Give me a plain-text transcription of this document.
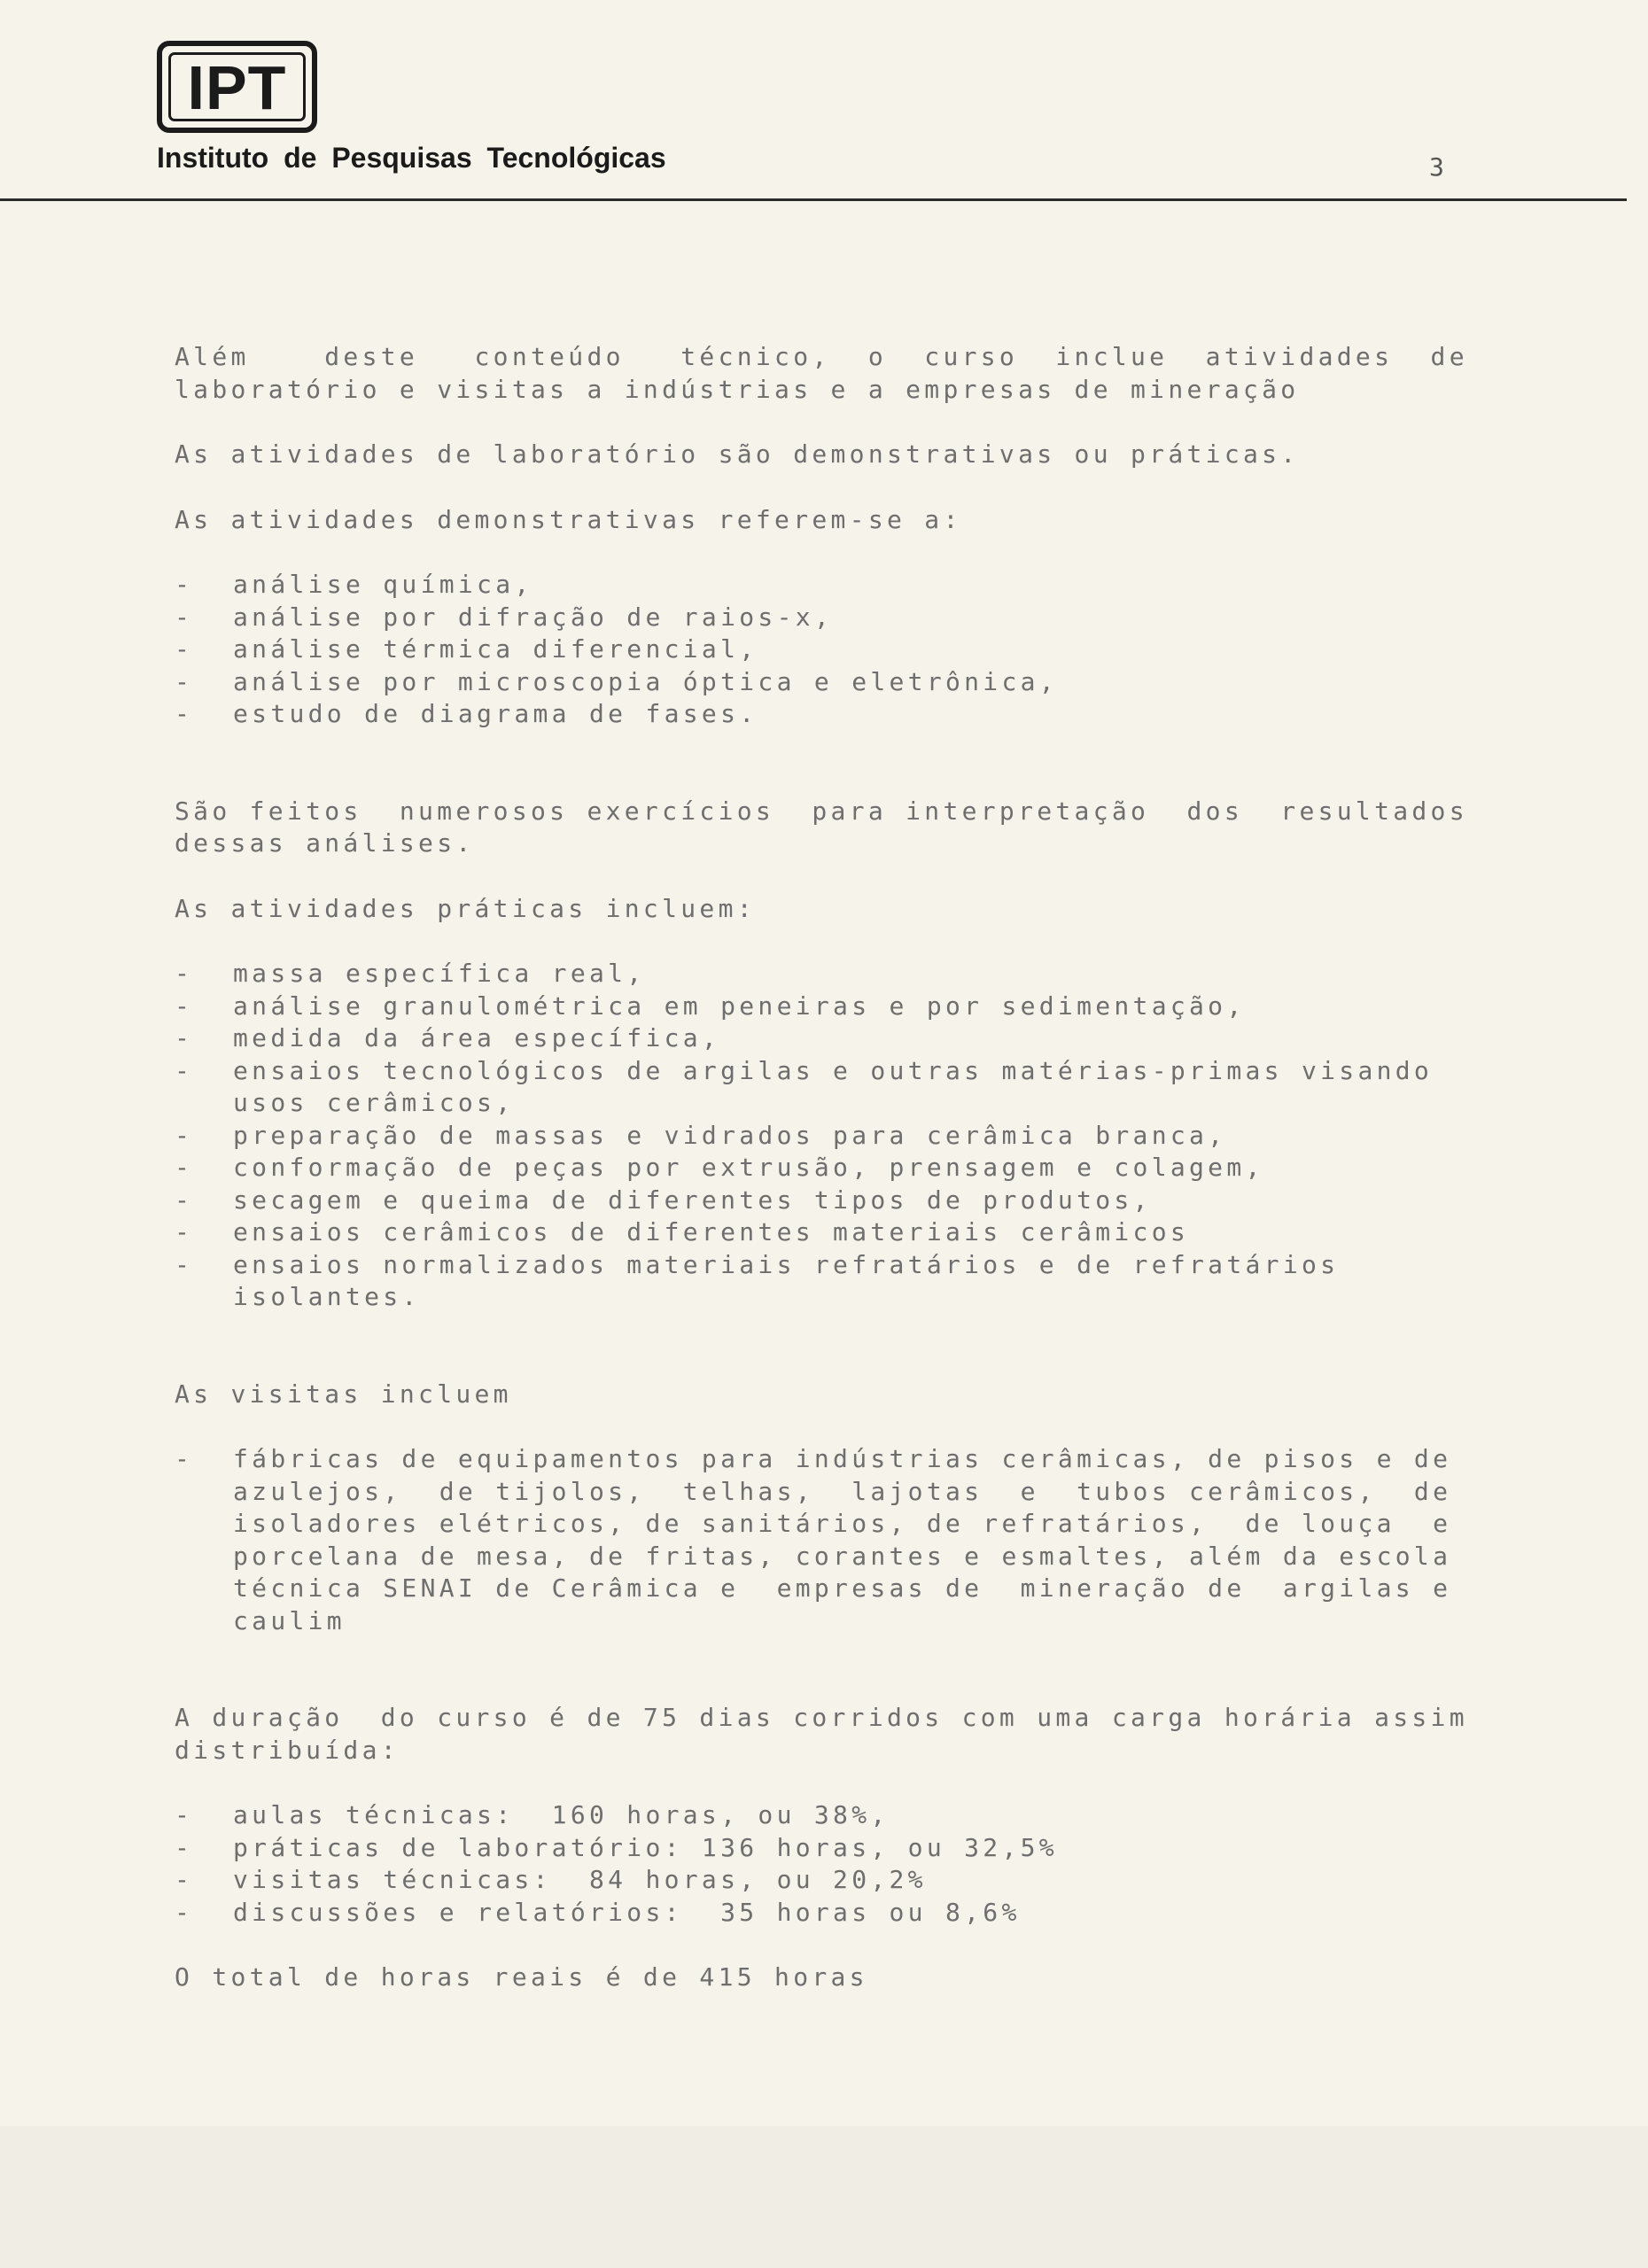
IPT
Instituto de Pesquisas Tecnológicas	3

Além    deste   conteúdo   técnico,  o  curso  inclue  atividades  de
laboratório e visitas a indústrias e a empresas de mineração

As atividades de laboratório são demonstrativas ou práticas.

As atividades demonstrativas referem-se a:

- análise química,
- análise por difração de raios-x,
- análise térmica diferencial,
- análise por microscopia óptica e eletrônica,
- estudo de diagrama de fases.

São feitos  numerosos exercícios  para interpretação  dos  resultados
dessas análises.

As atividades práticas incluem:

- massa específica real,
- análise granulométrica em peneiras e por sedimentação,
- medida da área específica,
- ensaios tecnológicos de argilas e outras matérias-primas visando
usos cerâmicos,
- preparação de massas e vidrados para cerâmica branca,
- conformação de peças por extrusão, prensagem e colagem,
- secagem e queima de diferentes tipos de produtos,
- ensaios cerâmicos de diferentes materiais cerâmicos
- ensaios normalizados materiais refratários e de refratários
isolantes.

As visitas incluem

- fábricas de equipamentos para indústrias cerâmicas, de pisos e de
azulejos,  de tijolos,  telhas,  lajotas  e  tubos cerâmicos,  de
isoladores elétricos, de sanitários, de refratários,  de louça  e
porcelana de mesa, de fritas, corantes e esmaltes, além da escola
técnica SENAI de Cerâmica e  empresas de  mineração de  argilas e
caulim

A duração  do curso é de 75 dias corridos com uma carga horária assim
distribuída:

- aulas técnicas:  160 horas, ou 38%,
- práticas de laboratório: 136 horas, ou 32,5%
- visitas técnicas:  84 horas, ou 20,2%
- discussões e relatórios:  35 horas ou 8,6%

O total de horas reais é de 415 horas
